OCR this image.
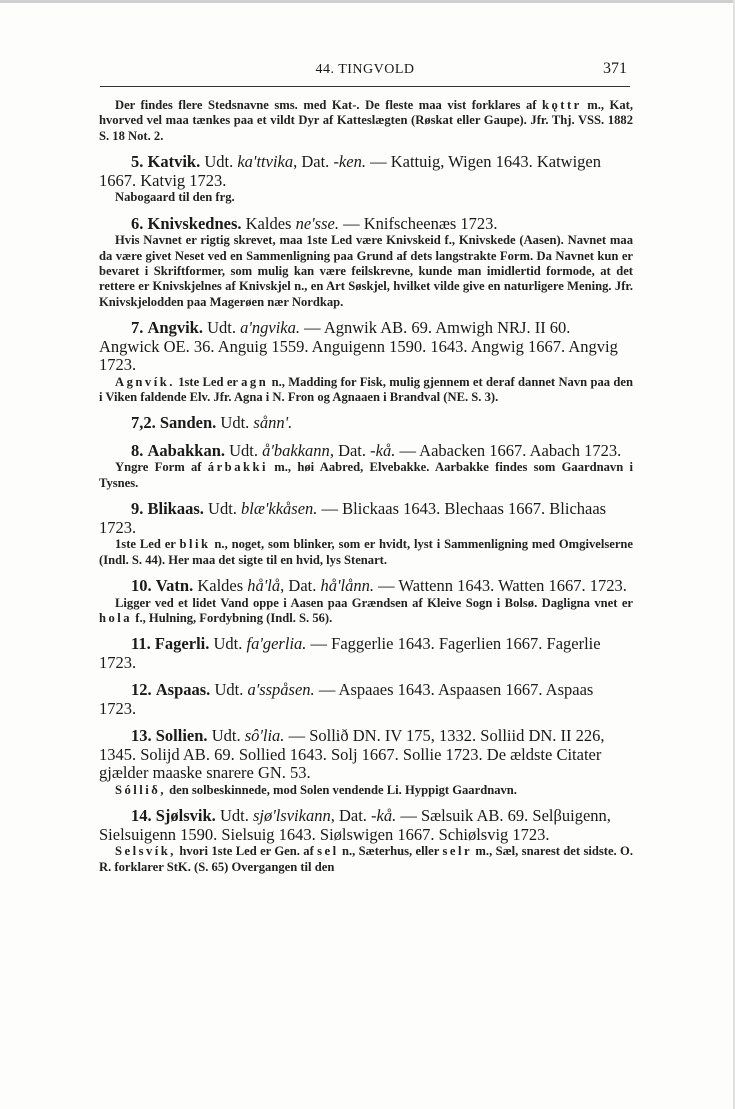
44. TINGVOLD	371

Der findes flere Stedsnavne sms. med Kat-. De fleste maa vist forklares af kǫttr m., Kat, hvorved vel maa tænkes paa et vildt Dyr af Katteslægten (Røskat eller Gaupe). Jfr. Thj. VSS. 1882 S. 18 Not. 2.

5. Katvik. Udt. ka'ttvika, Dat. -ken. — Kattuig, Wigen 1643. Katwigen 1667. Katvig 1723.

Nabogaard til den frg.

6. Knivskednes. Kaldes ne'sse. — Knifscheenæs 1723.

Hvis Navnet er rigtig skrevet, maa 1ste Led være Knivskeid f., Knivskede (Aasen). Navnet maa da være givet Neset ved en Sammenligning paa Grund af dets langstrakte Form. Da Navnet kun er bevaret i Skriftformer, som mulig kan være feilskrevne, kunde man imidlertid formode, at det rettere er Knivskjelnes af Knivskjel n., en Art Søskjel, hvilket vilde give en naturligere Mening. Jfr. Knivskjelodden paa Magerøen nær Nordkap.

7. Angvik. Udt. a'ngvika. — Agnwik AB. 69. Amwigh NRJ. II 60. Angwick OE. 36. Anguig 1559. Anguigenn 1590. 1643. Angwig 1667. Angvig 1723.

Agnvík. 1ste Led er agn n., Madding for Fisk, mulig gjennem et deraf dannet Navn paa den i Viken faldende Elv. Jfr. Agna i N. Fron og Agnaaen i Brandval (NE. S. 3).

7,2. Sanden. Udt. sånn'.

8. Aabakkan. Udt. å'bakkann, Dat. -kå. — Aabacken 1667. Aabach 1723.

Yngre Form af árbakki m., høi Aabred, Elvebakke. Aarbakke findes som Gaardnavn i Tysnes.

9. Blikaas. Udt. blæ'kkåsen. — Blickaas 1643. Blechaas 1667. Blichaas 1723.

1ste Led er blik n., noget, som blinker, som er hvidt, lyst i Sammenligning med Omgivelserne (Indl. S. 44). Her maa det sigte til en hvid, lys Stenart.

10. Vatn. Kaldes hå'lå, Dat. hå'lånn. — Wattenn 1643. Watten 1667. 1723.

Ligger ved et lidet Vand oppe i Aasen paa Grændsen af Kleive Sogn i Bolsø. Dagligna vnet er hola f., Hulning, Fordybning (Indl. S. 56).

11. Fagerli. Udt. fa'gerlia. — Faggerlie 1643. Fagerlien 1667. Fagerlie 1723.

12. Aspaas. Udt. a'sspåsen. — Aspaaes 1643. Aspaasen 1667. Aspaas 1723.

13. Sollien. Udt. sô'lia. — Sollið DN. IV 175, 1332. Solliid DN. II 226, 1345. Solijd AB. 69. Sollied 1643. Solj 1667. Sollie 1723. De ældste Citater gjælder maaske snarere GN. 53.

Sólliδ, den solbeskinnede, mod Solen vendende Li. Hyppigt Gaardnavn.

14. Sjølsvik. Udt. sjø'lsvikann, Dat. -kå. — Sælsuik AB. 69. Selβuigenn, Sielsuigenn 1590. Sielsuig 1643. Siølswigen 1667. Schiølsvig 1723.

Selsvík, hvori 1ste Led er Gen. af sel n., Sæterhus, eller selr m., Sæl, snarest det sidste. O. R. forklarer StK. (S. 65) Overgangen til den
